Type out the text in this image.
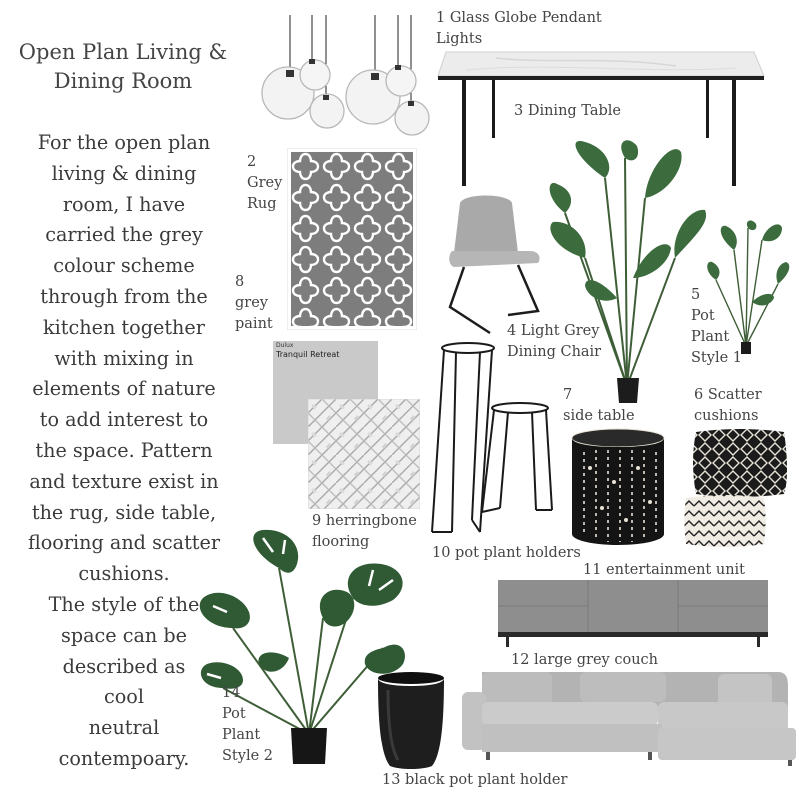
Open Plan Living &
Dining Room
For the open plan
living & dining
room, I have
carried the grey
colour scheme
through from the
kitchen together
with mixing in
elements of nature
to add interest to
the space. Pattern
and texture exist in
the rug, side table,
flooring and scatter
cushions.
The style of the
space can be
described as
cool
neutral
contempoary.
1 Glass Globe Pendant
Lights
3 Dining Table
2
Grey
Rug
8
grey
paint
Dulux
Tranquil Retreat
9 herringbone
flooring
4 Light Grey
Dining Chair
5
Pot
Plant
Style 1
10 pot plant holders
7
side table
6 Scatter
cushions
11 entertainment unit
12 large grey couch
14
Pot
Plant
Style 2
13 black pot plant holder
